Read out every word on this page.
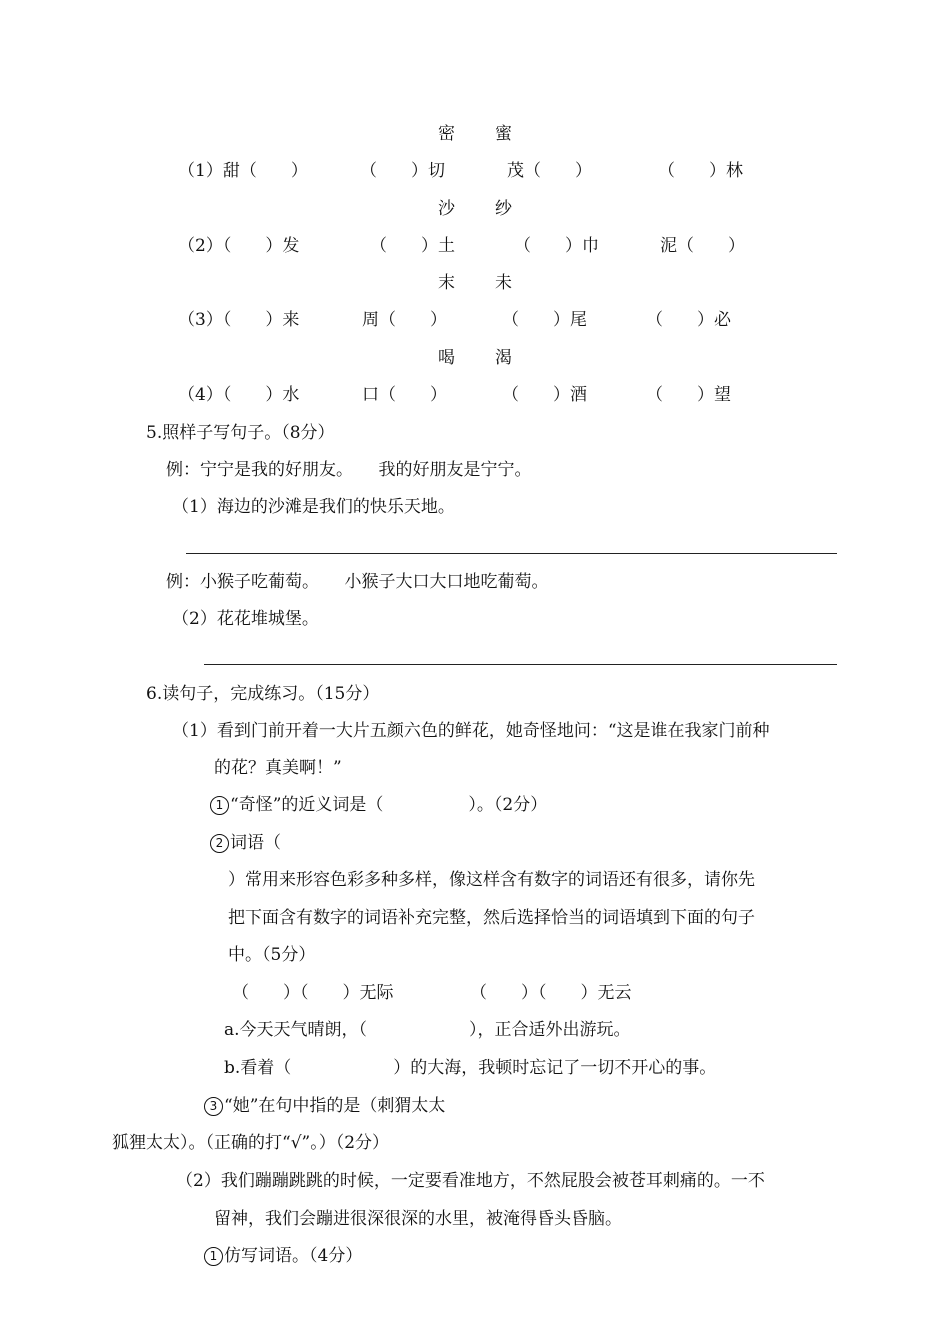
密 蜜
（1）甜（　　）	（　　）切	茂（　　）	（　　）林
沙 纱
（2）（　　）发	（　　）土	（　　）巾	泥（　　）
末 未
（3）（　　）来	周（　　）	（　　）尾	（　　）必
喝 渴
（4）（　　）水	口（　　）	（　　）酒	（　　）望
5.照样子写句子。（8分）
例：宁宁是我的好朋友。　　我的好朋友是宁宁。
（1）海边的沙滩是我们的快乐天地。
例：小猴子吃葡萄。　　小猴子大口大口地吃葡萄。
（2）花花堆城堡。
6.读句子，完成练习。（15分）
（1）看到门前开着一大片五颜六色的鲜花，她奇怪地问：“这是谁在我家门前种
的花？真美啊！”
1 “奇怪”的近义词是（　　　　　）。（2分）
2 词语（
）常用来形容色彩多种多样，像这样含有数字的词语还有很多，请你先
把下面含有数字的词语补充完整，然后选择恰当的词语填到下面的句子
中。（5分）
（　　）（　　）无际	（　　）（　　）无云
a.今天天气晴朗，（　　　　　　），正合适外出游玩。
b.看着（　　　　　　）的大海，我顿时忘记了一切不开心的事。
3 “她”在句中指的是（刺猬太太
狐狸太太）。（正确的打“√”。）（2分）
（2）我们蹦蹦跳跳的时候，一定要看准地方，不然屁股会被苍耳刺痛的。一不
留神，我们会蹦进很深很深的水里，被淹得昏头昏脑。
1 仿写词语。（4分）
